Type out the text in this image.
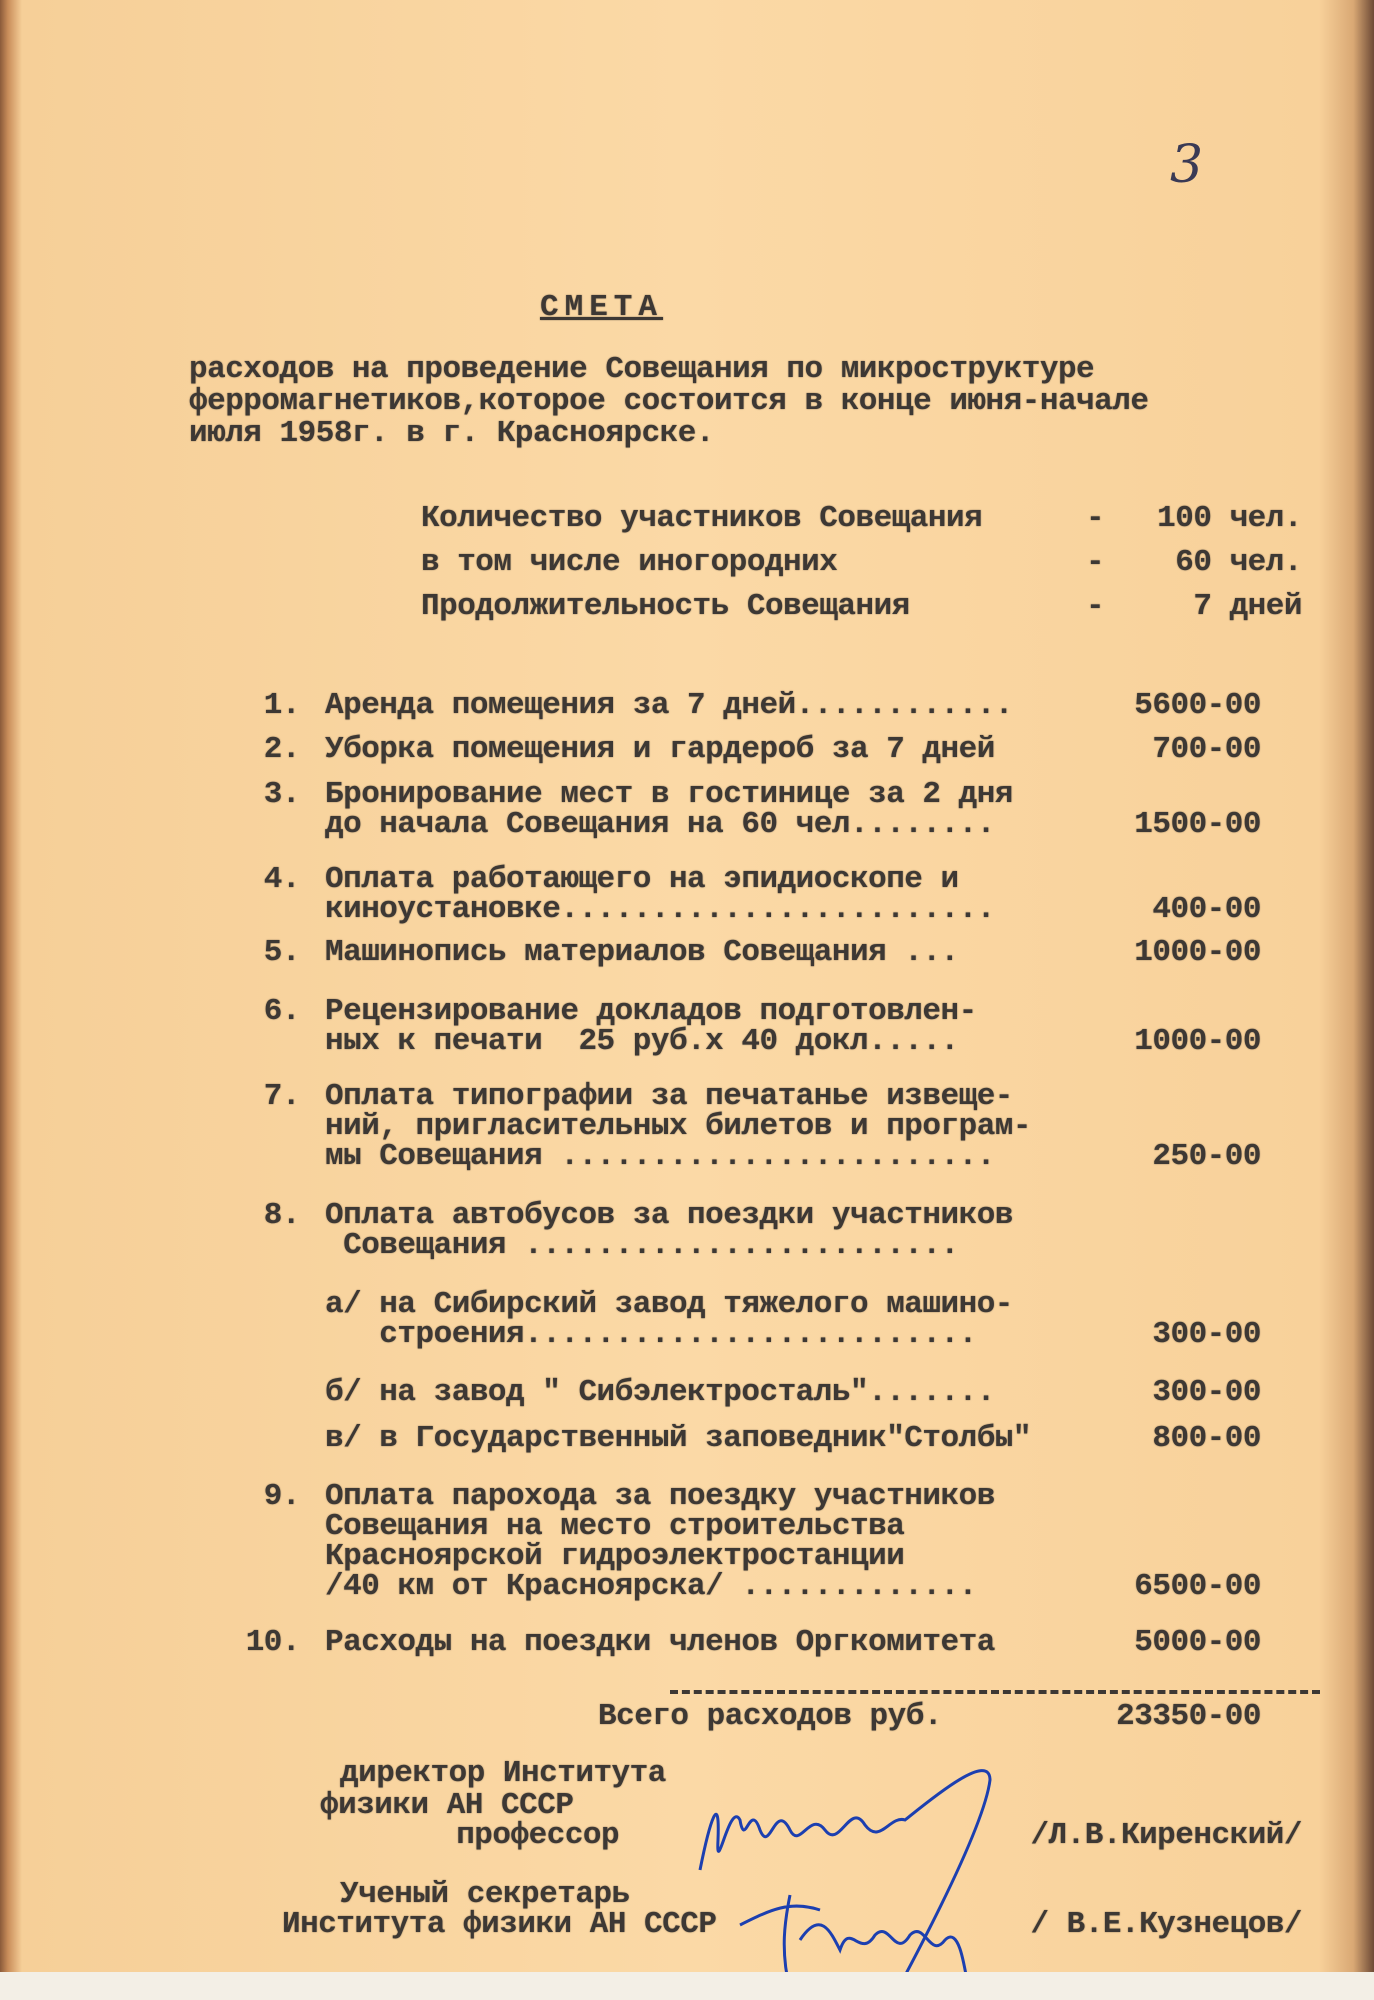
3
СМЕТА
расходов на проведение Совещания по микроструктуре
ферромагнетиков,которое состоится в конце июня-начале
июля 1958г. в г. Красноярске.
Количество участников Совещания	- 100 чел.
в том числе иногородних	- 60 чел.
Продолжительность Совещания	-	7 дней
1. Аренда помещения за 7 дней............	5600-00
2. Уборка помещения и гардероб за 7 дней	700-00
3. Бронирование мест в гостинице за 2 дня
до начала Совещания на 60 чел........	1500-00
4. Оплата работающего на эпидиоскопе и
киноустановке........................	400-00
5. Машинопись материалов Совещания ...	1000-00
6. Рецензирование докладов подготовлен-
ных к печати  25 руб.х 40 докл.....	1000-00
7. Оплата типографии за печатанье извеще-
ний, пригласительных билетов и програм-
мы Совещания ........................	250-00
8. Оплата автобусов за поездки участников
Совещания ........................
а/ на Сибирский завод тяжелого машино-
строения.........................	300-00
б/ на завод " Сибэлектросталь".......	300-00
в/ в Государственный заповедник"Столбы"	800-00
9. Оплата парохода за поездку участников
Совещания на место строительства
Красноярской гидроэлектростанции
/40 км от Красноярска/ .............	6500-00
10. Расходы на поездки членов Оргкомитета	5000-00
Всего расходов руб.	23350-00
директор Института
физики АН СССР
профессор	/Л.В.Киренский/
Ученый секретарь
Института физики АН СССР	/ В.Е.Кузнецов/
